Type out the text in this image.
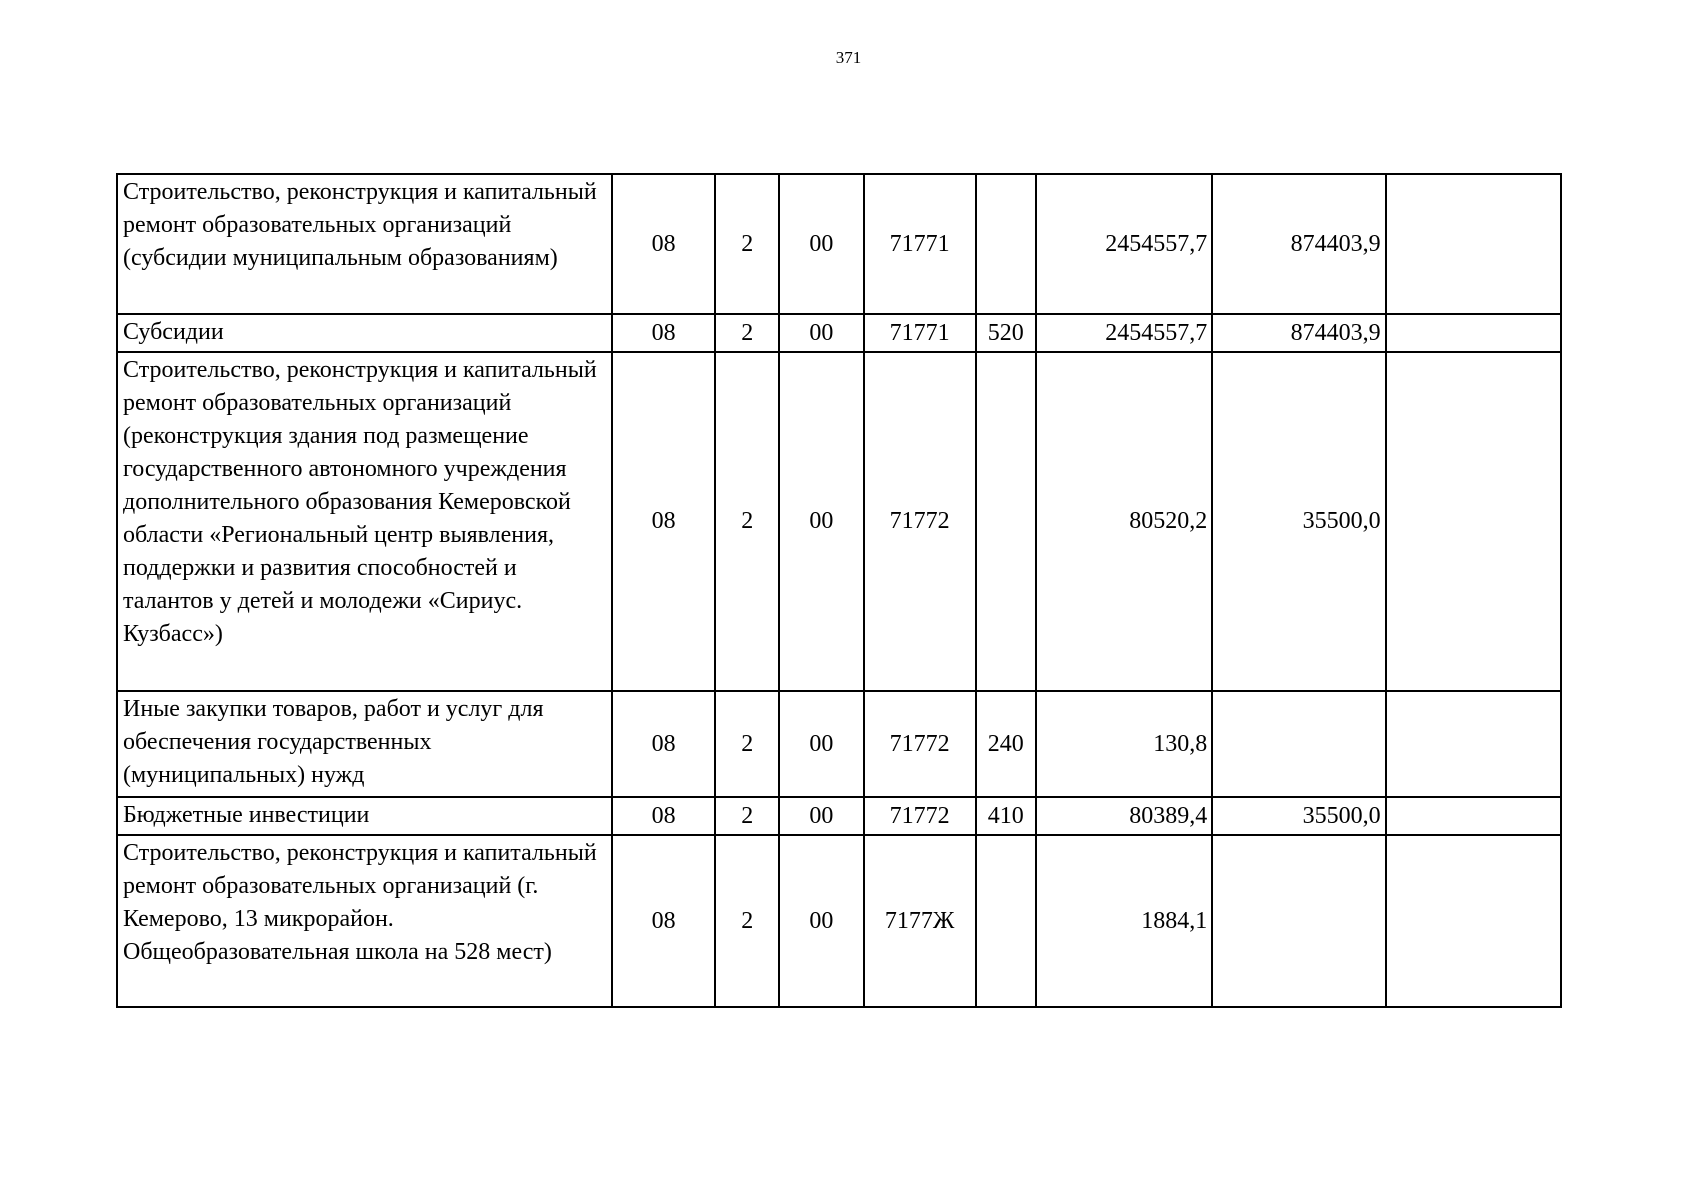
371
Строительство, реконструкция и капитальный ремонт образовательных организаций (субсидии муниципальным образованиям)	08	2	00	71771		2454557,7	874403,9	
Субсидии	08	2	00	71771	520	2454557,7	874403,9	
Строительство, реконструкция и капитальный ремонт образовательных организаций (реконструкция здания под размещение государственного автономного учреждения дополнительного образования Кемеровской области «Региональный центр выявления, поддержки и развития способностей и талантов у детей и молодежи «Сириус. Кузбасс»)	08	2	00	71772		80520,2	35500,0	
Иные закупки товаров, работ и услуг для обеспечения государственных (муниципальных) нужд	08	2	00	71772	240	130,8		
Бюджетные инвестиции	08	2	00	71772	410	80389,4	35500,0	
Строительство, реконструкция и капитальный ремонт образовательных организаций (г. Кемерово, 13 микрорайон. Общеобразовательная школа на 528 мест)	08	2	00	7177Ж		1884,1		
